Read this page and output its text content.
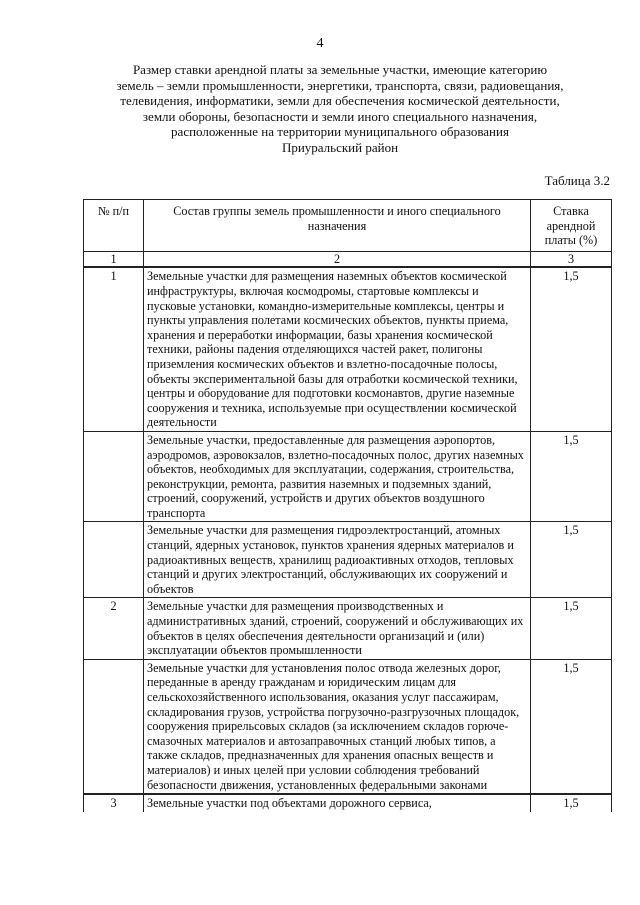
4
Размер ставки арендной платы за земельные участки, имеющие категорию
земель – земли промышленности, энергетики, транспорта, связи, радиовещания,
телевидения, информатики, земли для обеспечения космической деятельности,
земли обороны, безопасности и земли иного специального назначения,
расположенные на территории муниципального образования
Приуральский район
Таблица 3.2
№ п/п	Состав группы земель промышленности и иного специального назначения	Ставка арендной платы (%)
1	2	3
1	Земельные участки для размещения наземных объектов космической инфраструктуры, включая космодромы, стартовые комплексы и пусковые установки, командно-измерительные комплексы, центры и пункты управления полетами космических объектов, пункты приема, хранения и переработки информации, базы хранения космической техники, районы падения отделяющихся частей ракет, полигоны приземления космических объектов и взлетно-посадочные полосы, объекты экспериментальной базы для отработки космической техники, центры и оборудование для подготовки космонавтов, другие наземные сооружения и техника, используемые при осуществлении космической деятельности	1,5
	Земельные участки, предоставленные для размещения аэропортов, аэродромов, аэровокзалов, взлетно-посадочных полос, других наземных объектов, необходимых для эксплуатации, содержания, строительства, реконструкции, ремонта, развития наземных и подземных зданий, строений, сооружений, устройств и других объектов воздушного транспорта	1,5
	Земельные участки для размещения гидроэлектростанций, атомных станций, ядерных установок, пунктов хранения ядерных материалов и радиоактивных веществ, хранилищ радиоактивных отходов, тепловых станций и других электростанций, обслуживающих их сооружений и объектов	1,5
2	Земельные участки для размещения производственных и административных зданий, строений, сооружений и обслуживающих их объектов в целях обеспечения деятельности организаций и (или) эксплуатации объектов промышленности	1,5
	Земельные участки для установления полос отвода железных дорог, переданные в аренду гражданам и юридическим лицам для сельскохозяйственного использования, оказания услуг пассажирам, складирования грузов, устройства погрузочно-разгрузочных площадок, сооружения прирельсовых складов (за исключением складов горюче-смазочных материалов и автозаправочных станций любых типов, а также складов, предназначенных для хранения опасных веществ и материалов) и иных целей при условии соблюдения требований безопасности движения, установленных федеральными законами	1,5
3	Земельные участки под объектами дорожного сервиса,	1,5
